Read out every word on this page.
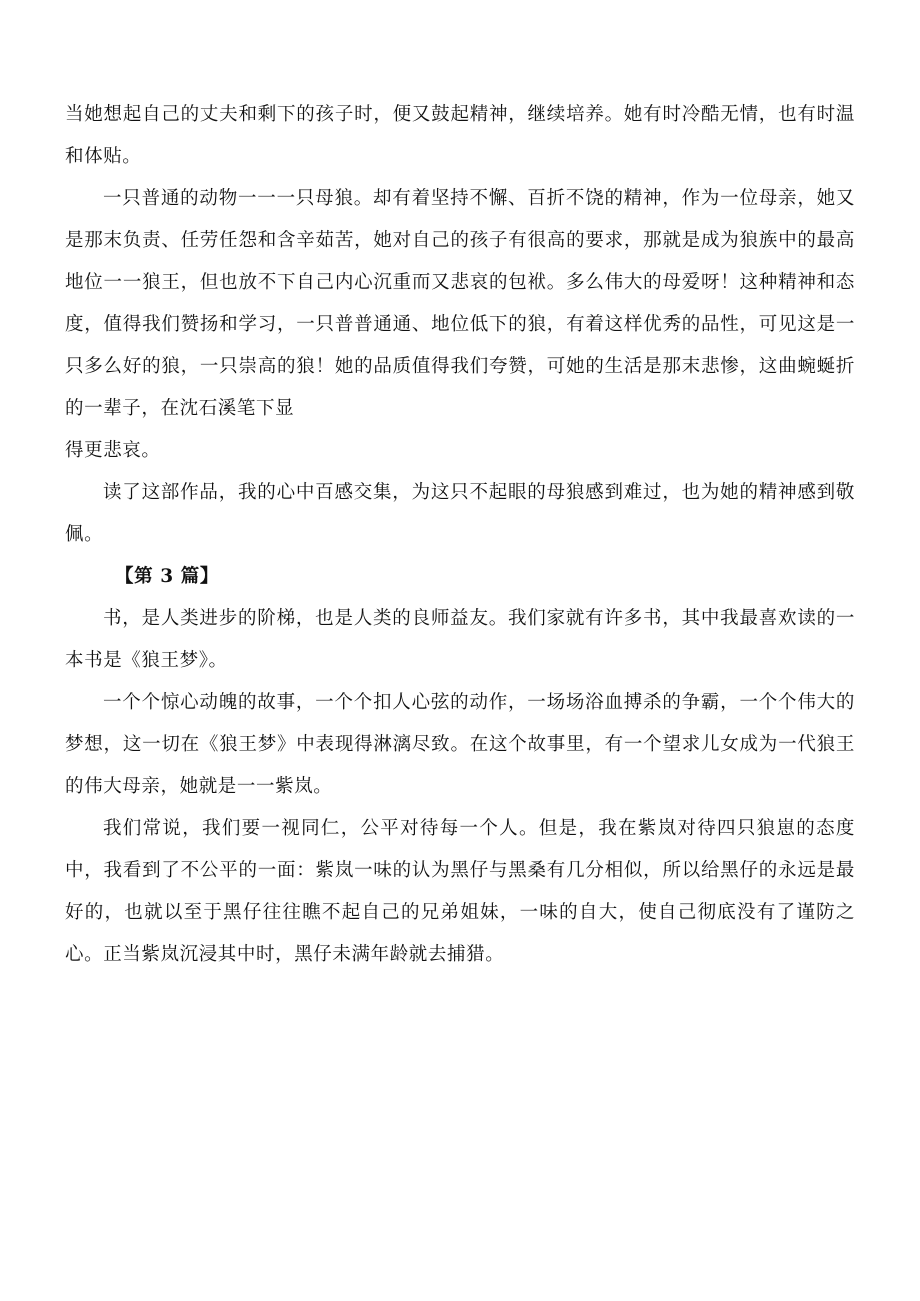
当她想起自己的丈夫和剩下的孩子时，便又鼓起精神，继续培养。她有时冷酷无情，也有时温和体贴。

一只普通的动物一一一只母狼。却有着坚持不懈、百折不饶的精神，作为一位母亲，她又是那末负责、任劳任怨和含辛茹苦，她对自己的孩子有很高的要求，那就是成为狼族中的最高地位一一狼王，但也放不下自己内心沉重而又悲哀的包袱。多么伟大的母爱呀！这种精神和态度，值得我们赞扬和学习，一只普普通通、地位低下的狼，有着这样优秀的品性，可见这是一只多么好的狼，一只崇高的狼！她的品质值得我们夸赞，可她的生活是那末悲惨，这曲蜿蜒折的一辈子，在沈石溪笔下显

得更悲哀。

读了这部作品，我的心中百感交集，为这只不起眼的母狼感到难过，也为她的精神感到敬佩。

【第 3 篇】

书，是人类进步的阶梯，也是人类的良师益友。我们家就有许多书，其中我最喜欢读的一本书是《狼王梦》。

一个个惊心动魄的故事，一个个扣人心弦的动作，一场场浴血搏杀的争霸，一个个伟大的梦想，这一切在《狼王梦》中表现得淋漓尽致。在这个故事里，有一个望求儿女成为一代狼王的伟大母亲，她就是一一紫岚。

我们常说，我们要一视同仁，公平对待每一个人。但是，我在紫岚对待四只狼崽的态度中，我看到了不公平的一面：紫岚一味的认为黑仔与黑桑有几分相似，所以给黑仔的永远是最好的，也就以至于黑仔往往瞧不起自己的兄弟姐妹，一味的自大，使自己彻底没有了谨防之心。正当紫岚沉浸其中时，黑仔未满年龄就去捕猎。
